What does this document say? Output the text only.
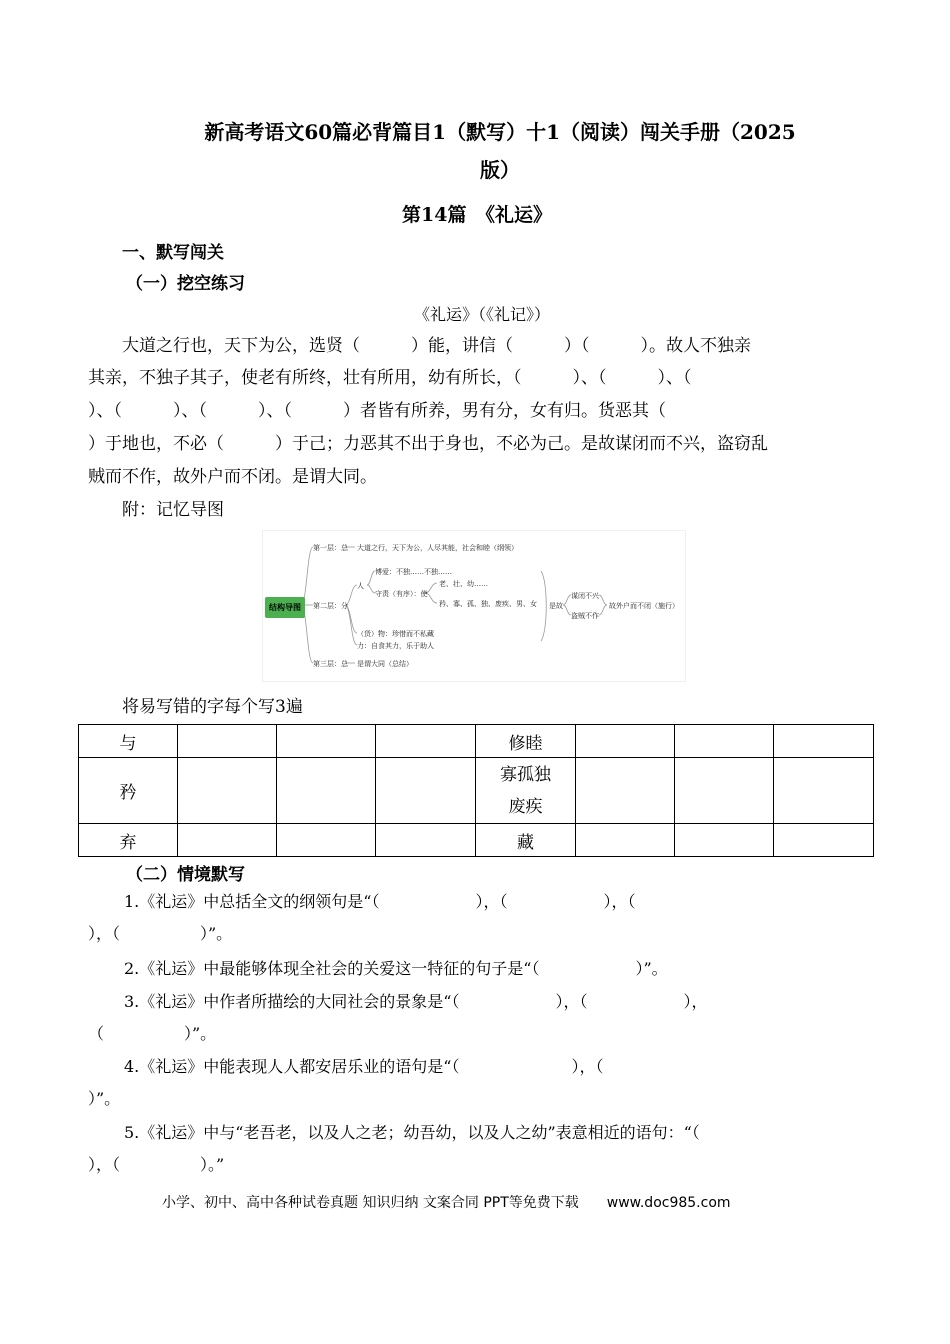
新高考语文60篇必背篇目1（默写）十1（阅读）闯关手册（2025
版）
第14篇　《礼运》
一、默写闯关
（一）挖空练习
《礼运》（《礼记》）
大道之行也，天下为公，选贤（　　　）能，讲信（　　　）（　　　）。故人不独亲
其亲，不独子其子，使老有所终，壮有所用，幼有所长，（　　　）、（　　　）、（
）、（　　　）、（　　　）、（　　　）者皆有所养，男有分，女有归。货恶其（
）于地也，不必（　　　）于己；力恶其不出于身也，不必为己。是故谋闭而不兴，盗窃乱
贼而不作，故外户而不闭。是谓大同。
附：记忆导图
结构导图
第一层：总
第二层：分
第三层：总
大道之行，天下为公，人尽其能，社会和睦（纲领）
人
博爱：不独……不独……
守责（有序）：使
老、壮、幼……
矜、寡、孤、独、废疾、男、女
（货）物：珍惜而不私藏
力：自食其力，乐于助人
是故
谋闭不兴
盗贼不作
故外户而不闭（施行）
是谓大同（总结）
将易写错的字每个写3遍
与				修睦			
矜				寡孤独
废疾			

弃				藏			
（二）情境默写
1.《礼运》中总括全文的纲领句是“（　　　　　　），（　　　　　　），（
），（　　　　　）”。
2.《礼运》中最能够体现全社会的关爱这一特征的句子是“（　　　　　　）”。
3.《礼运》中作者所描绘的大同社会的景象是“（　　　　　　），（　　　　　　），
（　　　　　）”。
4.《礼运》中能表现人人都安居乐业的语句是“（　　　　　　　），（
）”。
5.《礼运》中与“老吾老，以及人之老；幼吾幼，以及人之幼”表意相近的语句：“（
），（　　　　　）。”
小学、初中、高中各种试卷真题 知识归纳 文案合同 PPT等免费下载　　www.doc985.com
